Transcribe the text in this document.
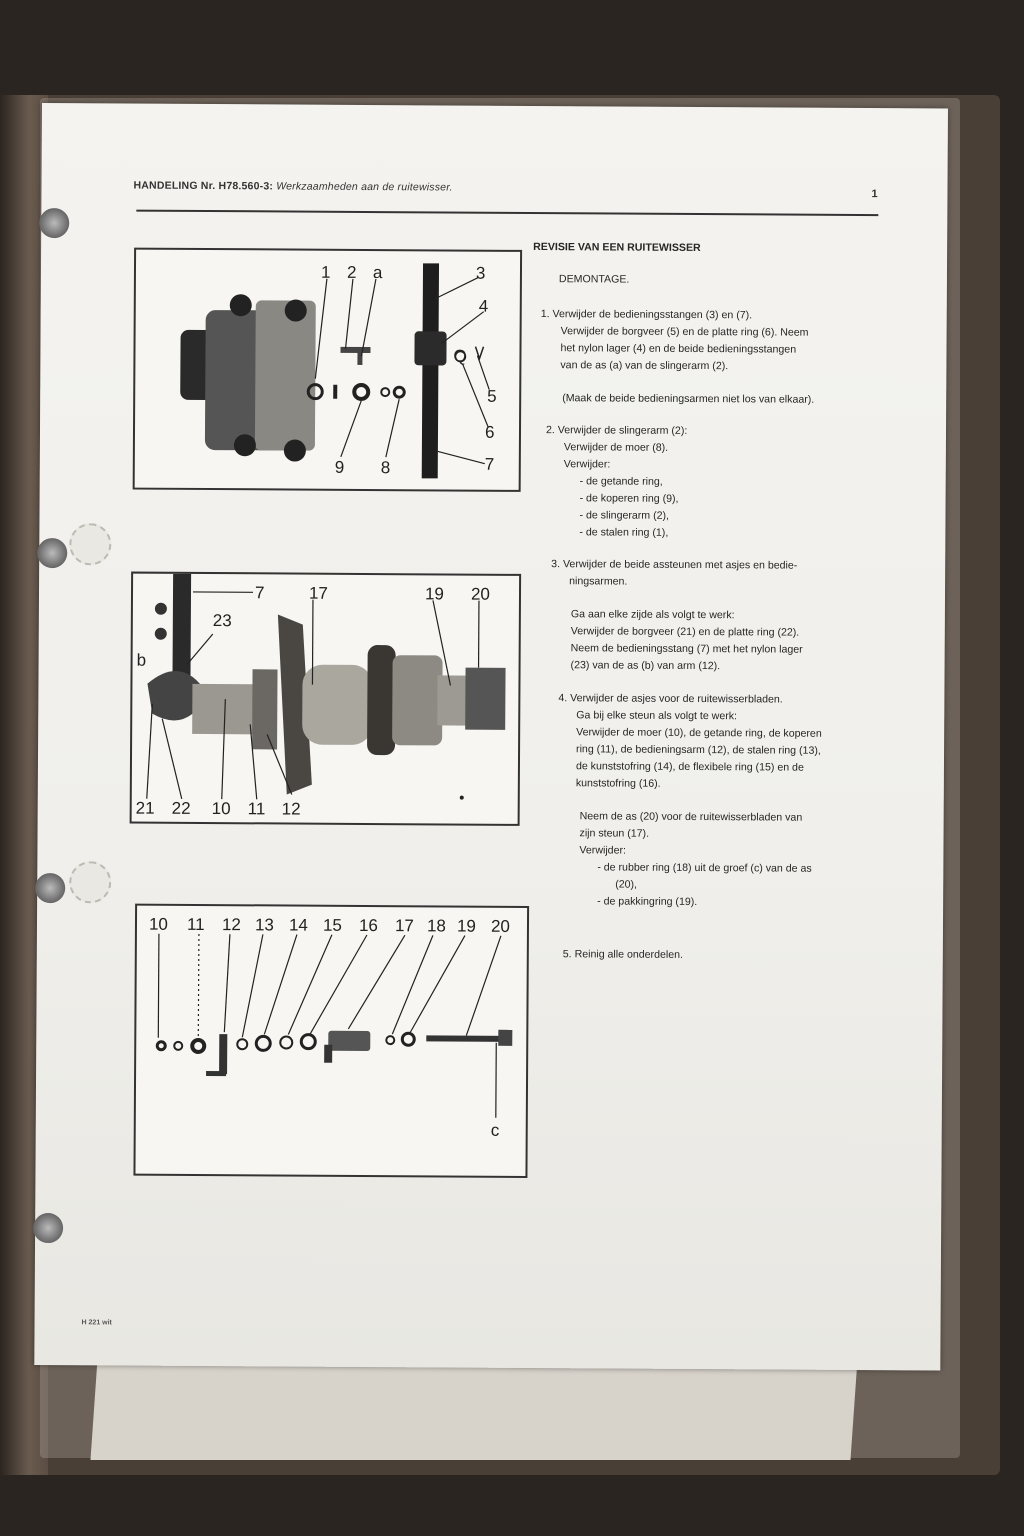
HANDELING Nr. H78.560-3: Werkzaamheden aan de ruitewisser.
1
1 2 a	3
4
Q
5
6
7
8
9
7	17	19 20
23
b
21 22 10 11 12
10 11 12 13 14 15 16 17 18 19 20
c
REVISIE VAN EEN RUITEWISSER
DEMONTAGE.
1. Verwijder de bedieningsstangen (3) en (7).
Verwijder de borgveer (5) en de platte ring (6). Neem
het nylon lager (4) en de beide bedieningsstangen
van de as (a) van de slingerarm (2).
(Maak de beide bedieningsarmen niet los van elkaar).
2. Verwijder de slingerarm (2):
Verwijder de moer (8).
Verwijder:
- de getande ring,
- de koperen ring (9),
- de slingerarm (2),
- de stalen ring (1),
3. Verwijder de beide assteunen met asjes en bedie-
ningsarmen.
Ga aan elke zijde als volgt te werk:
Verwijder de borgveer (21) en de platte ring (22).
Neem de bedieningsstang (7) met het nylon lager
(23) van de as (b) van arm (12).
4. Verwijder de asjes voor de ruitewisserbladen.
Ga bij elke steun als volgt te werk:
Verwijder de moer (10), de getande ring, de koperen
ring (11), de bedieningsarm (12), de stalen ring (13),
de kunststofring (14), de flexibele ring (15) en de
kunststofring (16).
Neem de as (20) voor de ruitewisserbladen van
zijn steun (17).
Verwijder:
- de rubber ring (18) uit de groef (c) van de as
(20),
- de pakkingring (19).
5. Reinig alle onderdelen.
H 221 wit
